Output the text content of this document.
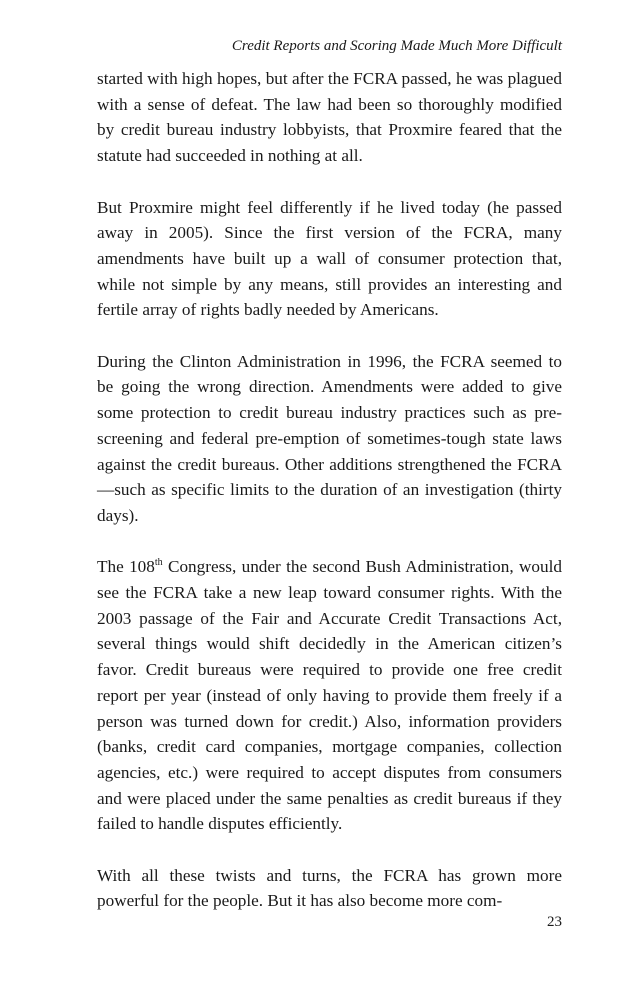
Credit Reports and Scoring Made Much More Difficult

started with high hopes, but after the FCRA passed, he was plagued with a sense of defeat. The law had been so thoroughly modified by credit bureau industry lobbyists, that Proxmire feared that the statute had succeeded in nothing at all.

But Proxmire might feel differently if he lived today (he passed away in 2005). Since the first version of the FCRA, many amendments have built up a wall of consumer protection that, while not simple by any means, still provides an interesting and fertile array of rights badly needed by Americans.

During the Clinton Administration in 1996, the FCRA seemed to be going the wrong direction. Amendments were added to give some protection to credit bureau industry practices such as pre-screening and federal pre-emption of sometimes-tough state laws against the credit bureaus. Other additions strengthened the FCRA—such as specific limits to the duration of an investigation (thirty days).

The 108th Congress, under the second Bush Administration, would see the FCRA take a new leap toward consumer rights. With the 2003 passage of the Fair and Accurate Credit Transactions Act, several things would shift decidedly in the American citizen’s favor. Credit bureaus were required to provide one free credit report per year (instead of only having to provide them freely if a person was turned down for credit.) Also, information providers (banks, credit card companies, mortgage companies, collection agencies, etc.) were required to accept disputes from consumers and were placed under the same penalties as credit bureaus if they failed to handle disputes efficiently.

With all these twists and turns, the FCRA has grown more powerful for the people. But it has also become more com-

23
